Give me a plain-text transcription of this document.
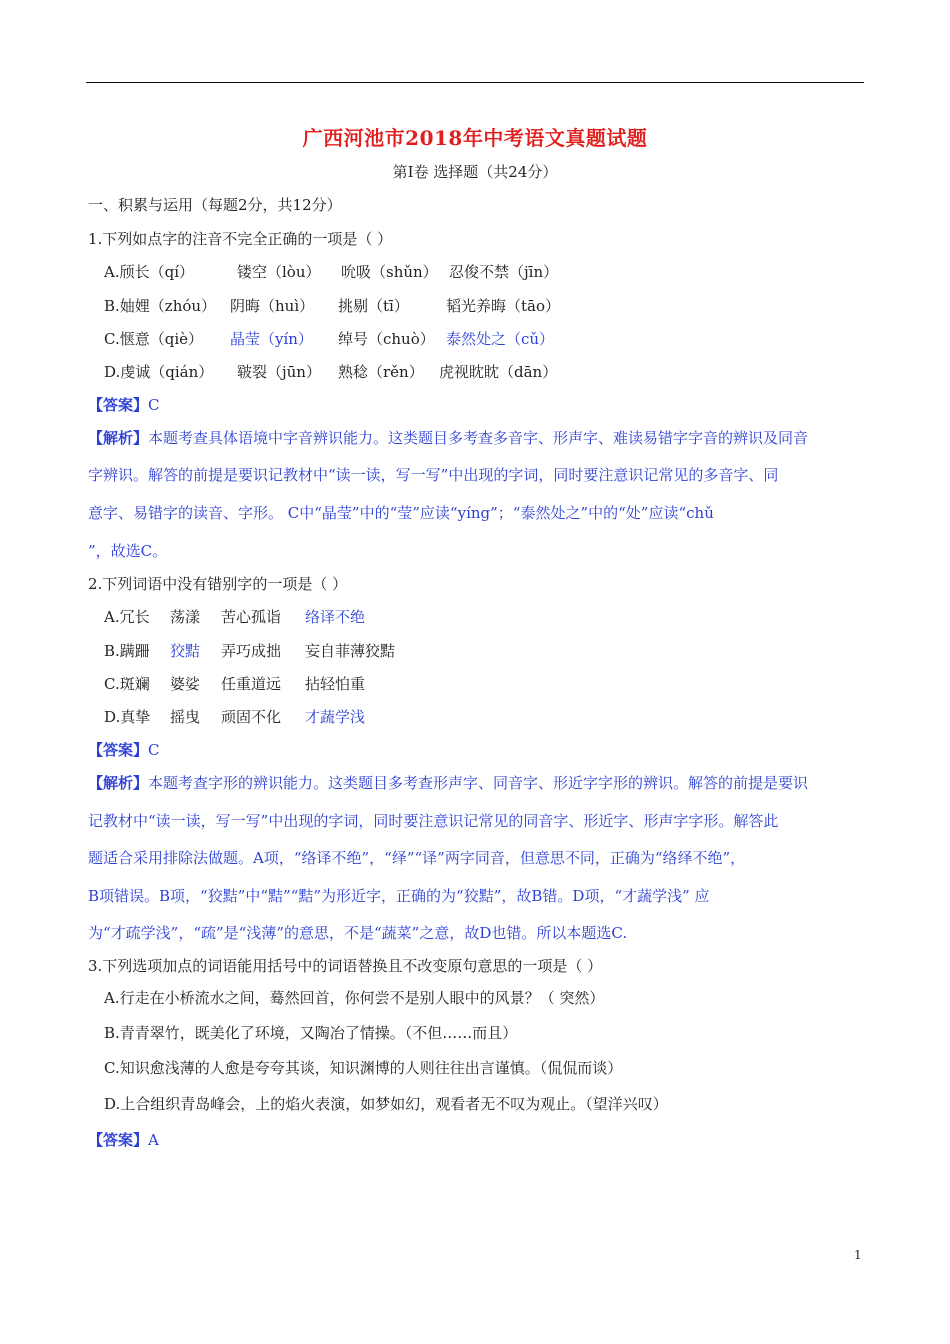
广西河池市2018年中考语文真题试题
第Ⅰ卷 选择题（共24分）
一、积累与运用（每题2分，共12分）
1.下列如点字的注音不完全正确的一项是（ ）
A.颀长（qí）	镂空（lòu） 吮吸（shǔn） 忍俊不禁（jīn）
B.妯娌（zhóu） 阴晦（huì） 挑剔（tī） 韬光养晦（tāo）
C.惬意（qiè） 晶莹（yín） 绰号（chuò） 泰然处之（cǔ）
D.虔诚（qián） 皲裂（jūn） 熟稔（rěn） 虎视眈眈（dān）
【答案】C
【解析】本题考查具体语境中字音辨识能力。这类题目多考查多音字、形声字、难读易错字字音的辨识及同音
字辨识。解答的前提是要识记教材中“读一读，写一写”中出现的字词，同时要注意识记常见的多音字、同
意字、易错字的读音、字形。 C中“晶莹”中的“莹”应读“yíng”；“泰然处之”中的“处”应读“chǔ
”，故选C。
2.下列词语中没有错别字的一项是（ ）
A.冗长 荡漾 苦心孤诣 络译不绝
B.蹒跚 狡黠 弄巧成拙 妄自菲薄狡黠
C.斑斓 婆娑 任重道远 拈轻怕重
D.真挚 摇曳 顽固不化 才蔬学浅
【答案】C
【解析】本题考查字形的辨识能力。这类题目多考查形声字、同音字、形近字字形的辨识。解答的前提是要识
记教材中“读一读，写一写”中出现的字词，同时要注意识记常见的同音字、形近字、形声字字形。解答此
题适合采用排除法做题。A项，“络译不绝”，“绎”“译”两字同音，但意思不同，正确为“络绎不绝”，
B项错误。B项，“狡黠”中“黠”“黠”为形近字，正确的为“狡黠”，故B错。D项，“才蔬学浅” 应
为“才疏学浅”，“疏”是“浅薄”的意思，不是“蔬菜”之意，故D也错。所以本题选C.
3.下列选项加点的词语能用括号中的词语替换且不改变原句意思的一项是（ ）
A.行走在小桥流水之间，蓦然回首，你何尝不是别人眼中的风景？（ 突然）
B.青青翠竹，既美化了环境，又陶冶了情操。（不但……而且）
C.知识愈浅薄的人愈是夸夸其谈，知识渊博的人则往往出言谨慎。（侃侃而谈）
D.上合组织青岛峰会，上的焰火表演，如梦如幻，观看者无不叹为观止。（望洋兴叹）
【答案】A
1
